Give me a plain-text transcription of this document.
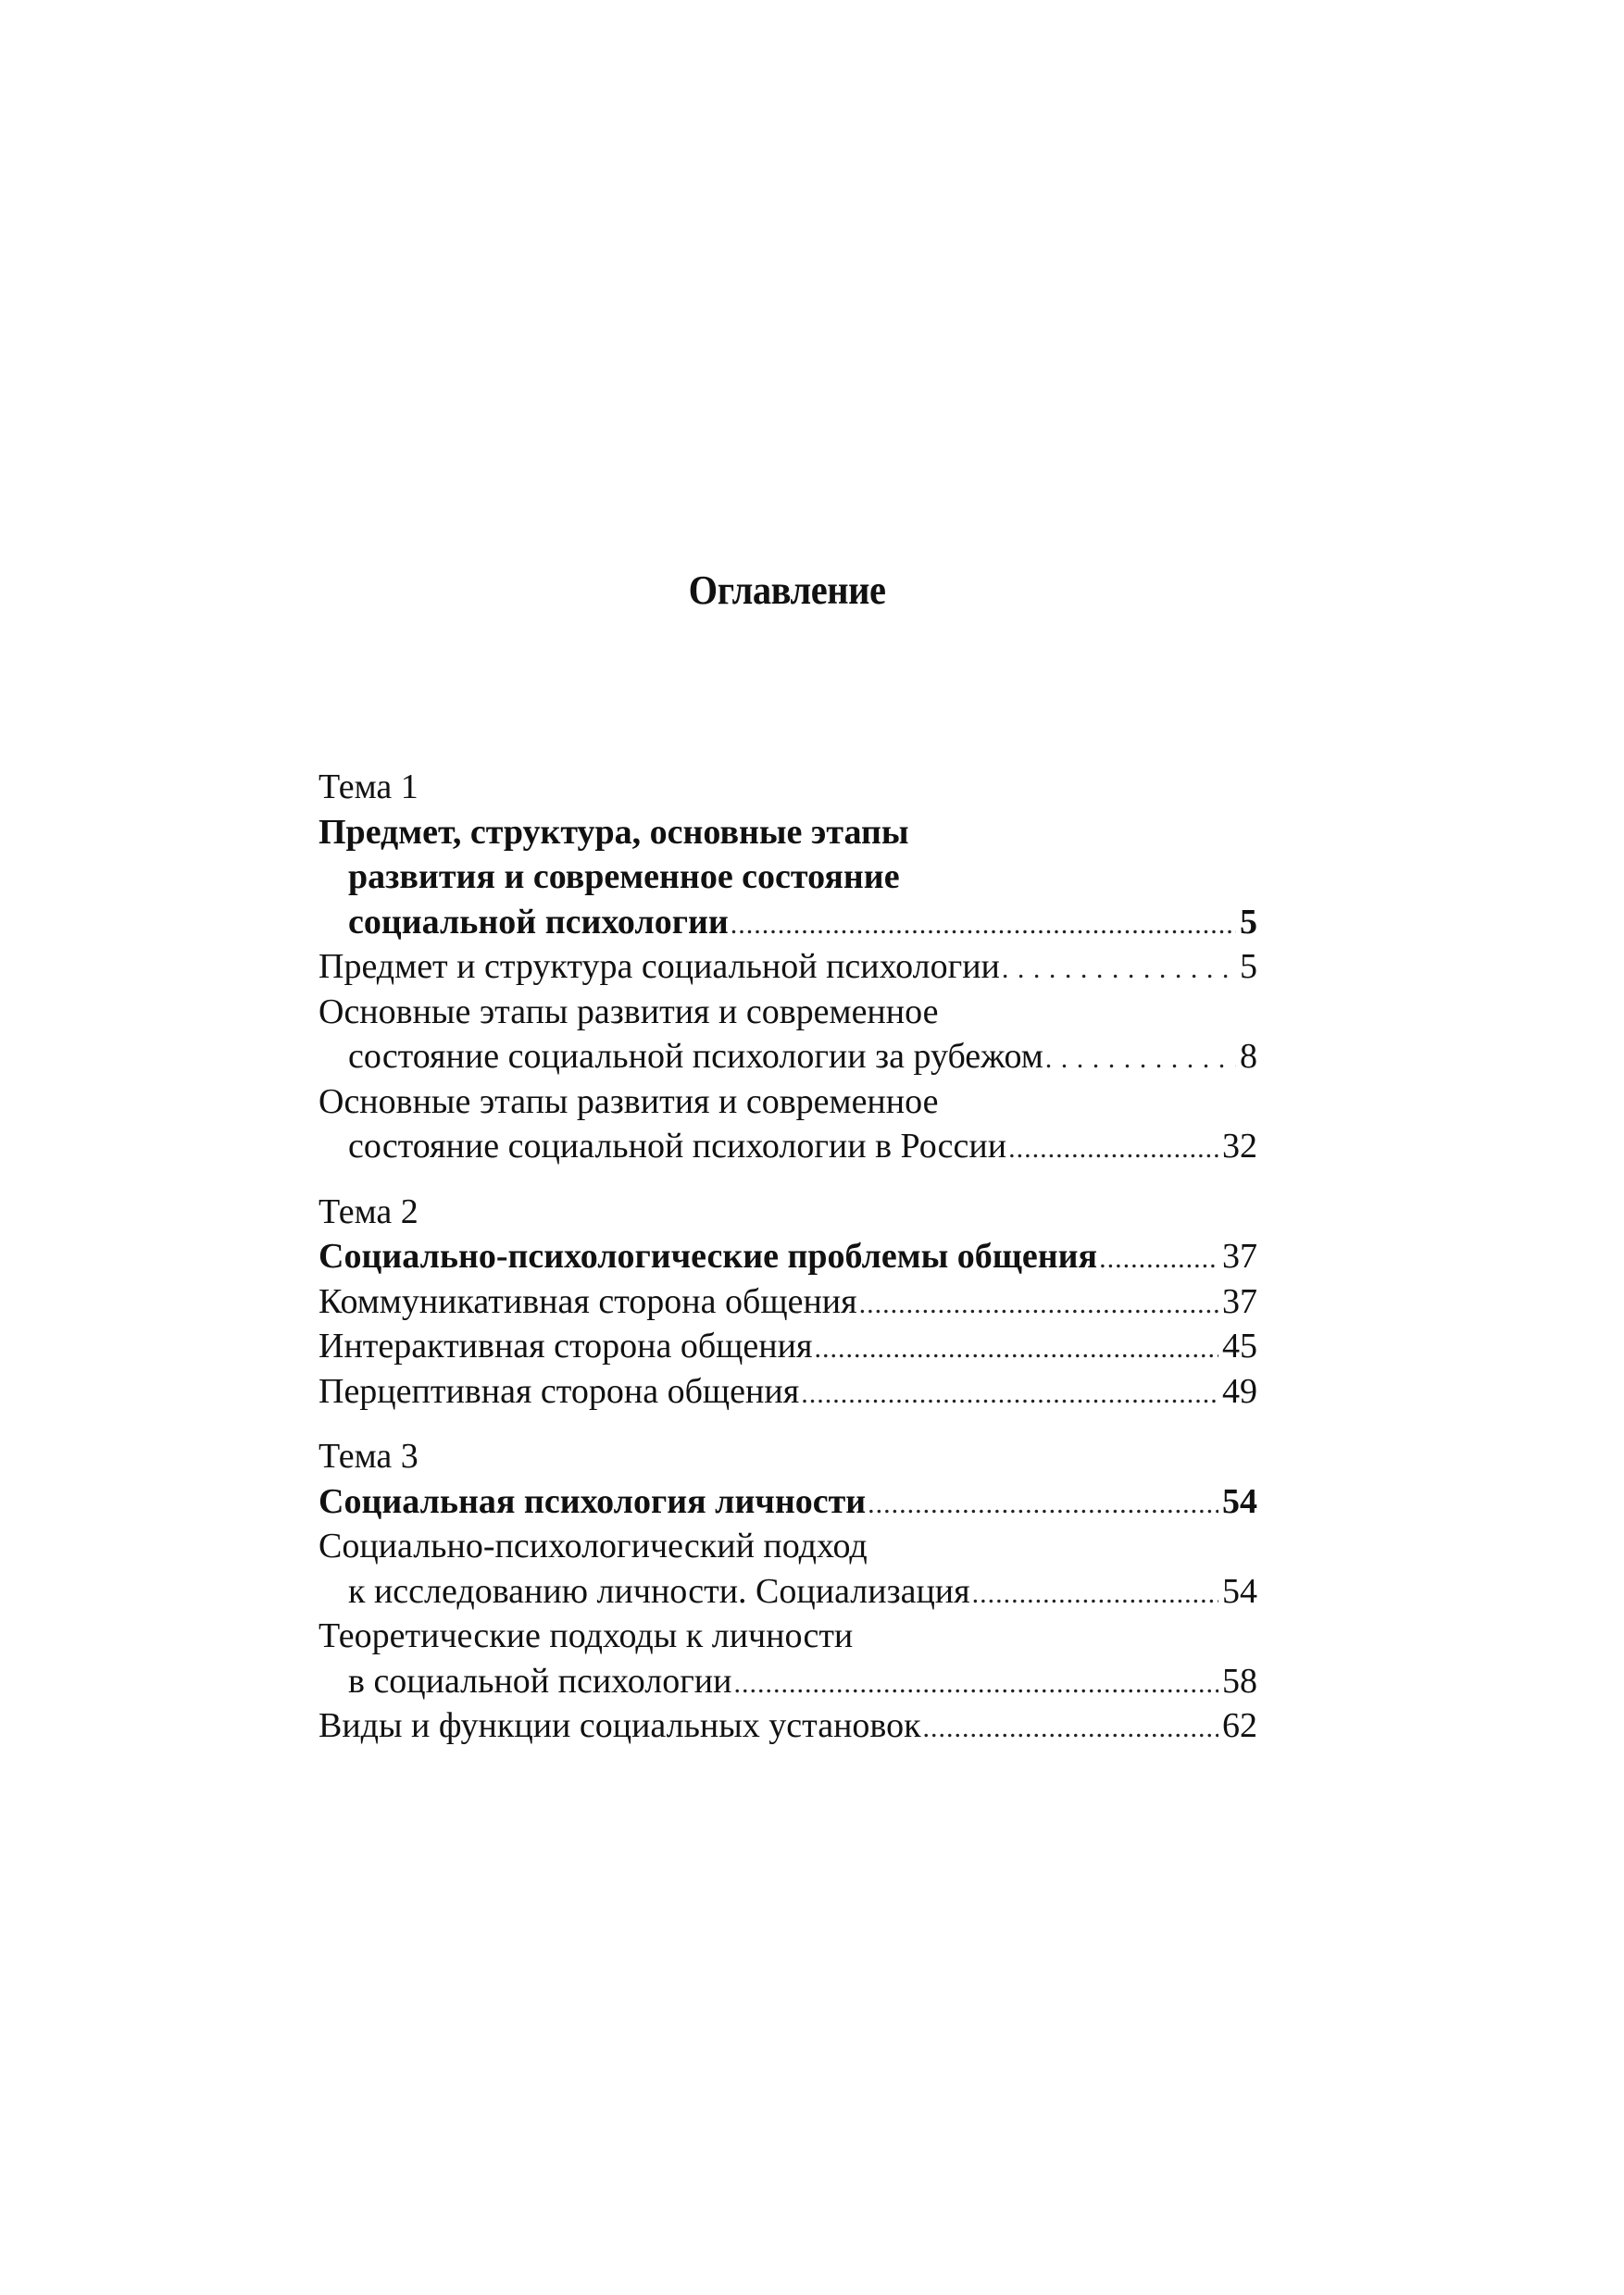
Оглавление
Тема 1
Предмет, структура, основные этапы
развития и современное состояние
социальной психологии .....	5
Предмет и структура социальной психологии . . .	5
Основные этапы развития и современное
состояние социальной психологии за рубежом . . .	8
Основные этапы развития и современное
состояние социальной психологии в России .....	32
Тема 2
Социально-психологические проблемы общения .....	37
Коммуникативная сторона общения .....	37
Интерактивная сторона общения .....	45
Перцептивная сторона общения .....	49
Тема 3
Социальная психология личности .....	54
Социально-психологический подход
к исследованию личности. Социализация .....	54
Теоретические подходы к личности
в социальной психологии .....	58
Виды и функции социальных установок .....	62
